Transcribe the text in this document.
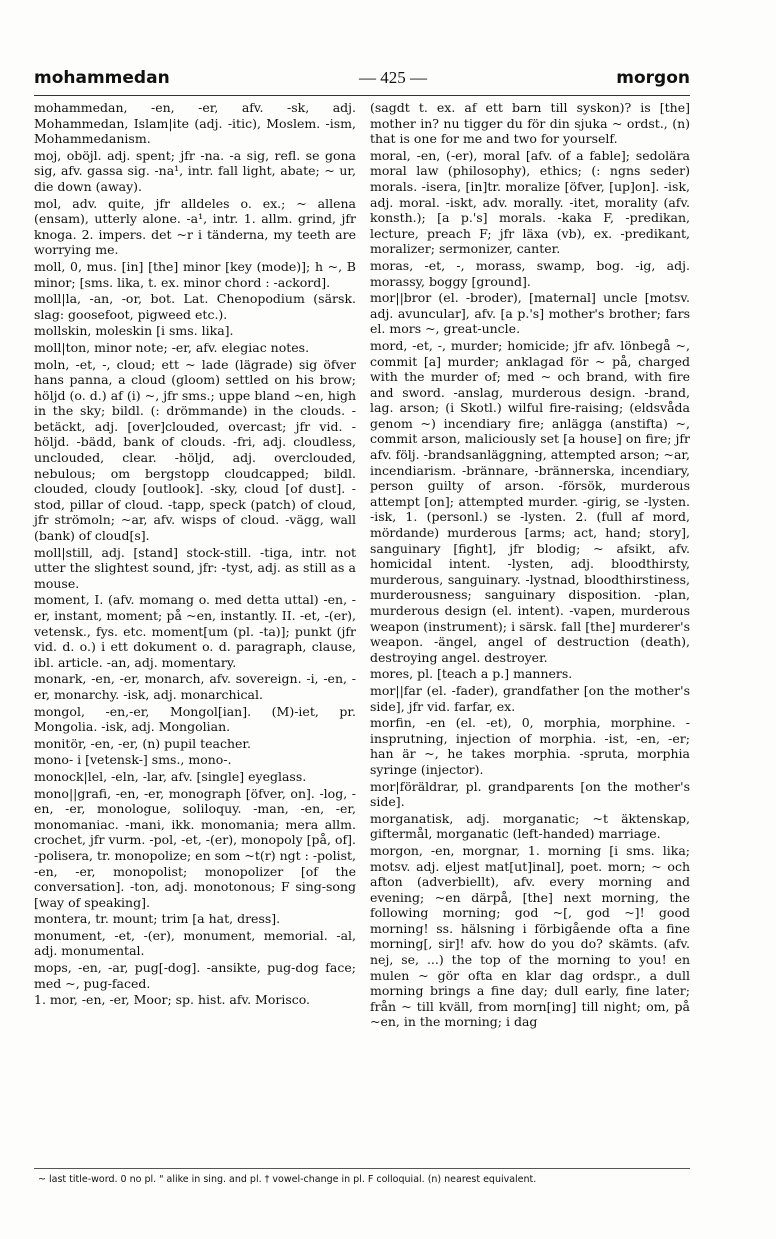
mohammedan	— 425 —	morgon

mohammedan, -en, -er, afv. -sk, adj. Mohammedan, Islam|ite (adj. -itic), Moslem. -ism, Mohammedanism.

moj, oböjl. adj. spent; jfr -na. -a sig, refl. se gona sig, afv. gassa sig. -na¹, intr. fall light, abate; ~ ur, die down (away).

mol, adv. quite, jfr alldeles o. ex.; ~ allena (ensam), utterly alone. -a¹, intr. 1. allm. grind, jfr knoga. 2. impers. det ~r i tänderna, my teeth are worrying me.

moll, 0, mus. [in] [the] minor [key (mode)]; h ~, B minor; [sms. lika, t. ex. minor chord : -ackord].

moll|la, -an, -or, bot. Lat. Chenopodium (särsk. slag: goosefoot, pigweed etc.).

mollskin, moleskin [i sms. lika].

moll|ton, minor note; -er, afv. elegiac notes.

moln, -et, -, cloud; ett ~ lade (lägrade) sig öfver hans panna, a cloud (gloom) settled on his brow; höljd (o. d.) af (i) ~, jfr sms.; uppe bland ~en, high in the sky; bildl. (: drömmande) in the clouds. -betäckt, adj. [over]clouded, overcast; jfr vid. -höljd. -bädd, bank of clouds. -fri, adj. cloudless, unclouded, clear. -höljd, adj. overclouded, nebulous; om bergstopp cloudcapped; bildl. clouded, cloudy [outlook]. -sky, cloud [of dust]. -stod, pillar of cloud. -tapp, speck (patch) of cloud, jfr strömoln; ~ar, afv. wisps of cloud. -vägg, wall (bank) of cloud[s].

moll|still, adj. [stand] stock-still. -tiga, intr. not utter the slightest sound, jfr: -tyst, adj. as still as a mouse.

moment, I. (afv. momang o. med detta uttal) -en, -er, instant, moment; på ~en, instantly. II. -et, -(er), vetensk., fys. etc. moment[um (pl. -ta)]; punkt (jfr vid. d. o.) i ett dokument o. d. paragraph, clause, ibl. article. -an, adj. momentary.

monark, -en, -er, monarch, afv. sovereign. -i, -en, -er, monarchy. -isk, adj. monarchical.

mongol, -en,-er, Mongol[ian]. (M)-iet, pr. Mongolia. -isk, adj. Mongolian.

monitör, -en, -er, (n) pupil teacher.

mono- i [vetensk-] sms., mono-.

monock|lel, -eln, -lar, afv. [single] eyeglass.

mono||grafi, -en, -er, monograph [öfver, on]. -log, -en, -er, monologue, soliloquy. -man, -en, -er, monomaniac. -mani, ikk. monomania; mera allm. crochet, jfr vurm. -pol, -et, -(er), monopoly [på, of]. -polisera, tr. monopolize; en som ~t(r) ngt : -polist, -en, -er, monopolist; monopolizer [of the conversation]. -ton, adj. monotonous; F sing-song [way of speaking].

montera, tr. mount; trim [a hat, dress].

monument, -et, -(er), monument, memorial. -al, adj. monumental.

mops, -en, -ar, pug[-dog]. -ansikte, pug-dog face; med ~, pug-faced.

1. mor, -en, -er, Moor; sp. hist. afv. Morisco.

(sagdt t. ex. af ett barn till syskon)? is [the] mother in? nu tigger du för din sjuka ~ ordst., (n) that is one for me and two for yourself.

moral, -en, (-er), moral [afv. of a fable]; sedolära moral law (philosophy), ethics; (: ngns seder) morals. -isera, [in]tr. moralize [öfver, [up]on]. -isk, adj. moral. -iskt, adv. morally. -itet, morality (afv. konsth.); [a p.'s] morals. -kaka F, -predikan, lecture, preach F; jfr läxa (vb), ex. -predikant, moralizer; sermonizer, canter.

moras, -et, -, morass, swamp, bog. -ig, adj. morassy, boggy [ground].

mor||bror (el. -broder), [maternal] uncle [motsv. adj. avuncular], afv. [a p.'s] mother's brother; fars el. mors ~, great-uncle.

mord, -et, -, murder; homicide; jfr afv. lönbegå ~, commit [a] murder; anklagad för ~ på, charged with the murder of; med ~ och brand, with fire and sword. -anslag, murderous design. -brand, lag. arson; (i Skotl.) wilful fire-raising; (eldsvåda genom ~) incendiary fire; anlägga (anstifta) ~, commit arson, maliciously set [a house] on fire; jfr afv. följ. -brandsanläggning, attempted arson; ~ar, incendiarism. -brännare, -brännerska, incendiary, person guilty of arson. -försök, murderous attempt [on]; attempted murder. -girig, se -lysten. -isk, 1. (personl.) se -lysten. 2. (full af mord, mördande) murderous [arms; act, hand; story], sanguinary [fight], jfr blodig; ~ afsikt, afv. homicidal intent. -lysten, adj. bloodthirsty, murderous, sanguinary. -lystnad, bloodthirstiness, murderousness; sanguinary disposition. -plan, murderous design (el. intent). -vapen, murderous weapon (instrument); i särsk. fall [the] murderer's weapon. -ängel, angel of destruction (death), destroying angel. destroyer.

mores, pl. [teach a p.] manners.

mor||far (el. -fader), grandfather [on the mother's side], jfr vid. farfar, ex.

morfin, -en (el. -et), 0, morphia, morphine. -insprutning, injection of morphia. -ist, -en, -er; han är ~, he takes morphia. -spruta, morphia syringe (injector).

mor|föräldrar, pl. grandparents [on the mother's side].

morganatisk, adj. morganatic; ~t äktenskap, giftermål, morganatic (left-handed) marriage.

morgon, -en, morgnar, 1. morning [i sms. lika; motsv. adj. eljest mat[ut]inal], poet. morn; ~ och afton (adverbiellt), afv. every morning and evening; ~en därpå, [the] next morning, the following morning; god ~[, god ~]! good morning! ss. hälsning i förbigående ofta a fine morning[, sir]! afv. how do you do? skämts. (afv. nej, se, ...) the top of the morning to you! en mulen ~ gör ofta en klar dag ordspr., a dull morning brings a fine day; dull early, fine later; från ~ till kväll, from morn[ing] till night; om, på ~en, in the morning; i dag

~ last title-word. 0 no pl. " alike in sing. and pl. † vowel-change in pl. F colloquial. (n) nearest equivalent.
